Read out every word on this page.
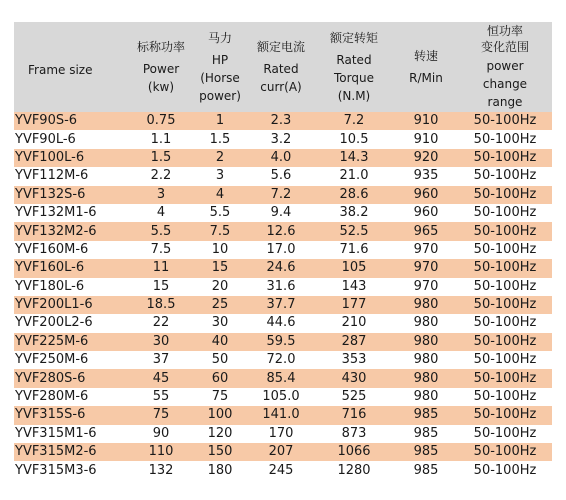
Frame size	标称功率
Power
(kw)	马力
HP
(Horse
power)	额定电流
Rated
curr(A)	额定转矩
Rated
Torque
(N.M)	转速
R/Min	恒功率
变化范围
power
change
range

YVF90S-6	0.75	1	2.3	7.2	910	50-100Hz
YVF90L-6	1.1	1.5	3.2	10.5	910	50-100Hz
YVF100L-6	1.5	2	4.0	14.3	920	50-100Hz
YVF112M-6	2.2	3	5.6	21.0	935	50-100Hz
YVF132S-6	3	4	7.2	28.6	960	50-100Hz
YVF132M1-6	4	5.5	9.4	38.2	960	50-100Hz
YVF132M2-6	5.5	7.5	12.6	52.5	965	50-100Hz
YVF160M-6	7.5	10	17.0	71.6	970	50-100Hz
YVF160L-6	11	15	24.6	105	970	50-100Hz
YVF180L-6	15	20	31.6	143	970	50-100Hz
YVF200L1-6	18.5	25	37.7	177	980	50-100Hz
YVF200L2-6	22	30	44.6	210	980	50-100Hz
YVF225M-6	30	40	59.5	287	980	50-100Hz
YVF250M-6	37	50	72.0	353	980	50-100Hz
YVF280S-6	45	60	85.4	430	980	50-100Hz
YVF280M-6	55	75	105.0	525	980	50-100Hz
YVF315S-6	75	100	141.0	716	985	50-100Hz
YVF315M1-6	90	120	170	873	985	50-100Hz
YVF315M2-6	110	150	207	1066	985	50-100Hz
YVF315M3-6	132	180	245	1280	985	50-100Hz
